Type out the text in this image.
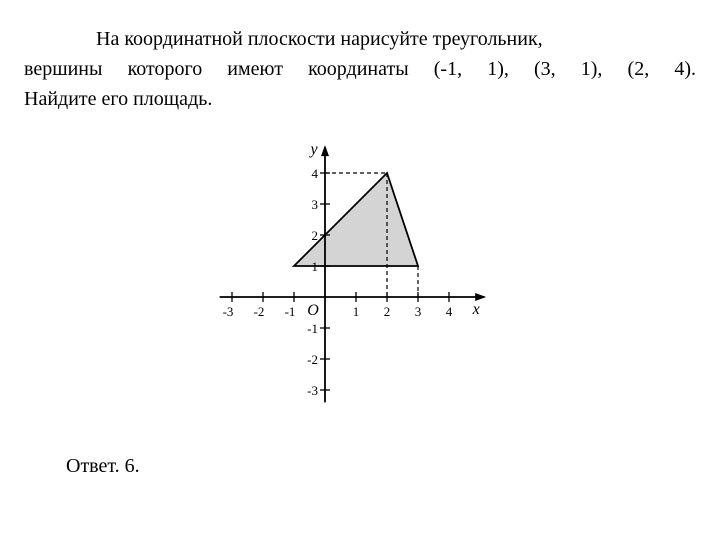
На координатной плоскости нарисуйте треугольник,
вершины которого имеют координаты (-1, 1), (3, 1), (2, 4).
Найдите его площадь.

-3 -2 -1	1 2 3 4
4
3
2
1
-1
-2
-3
x
y
O
Ответ. 6.
